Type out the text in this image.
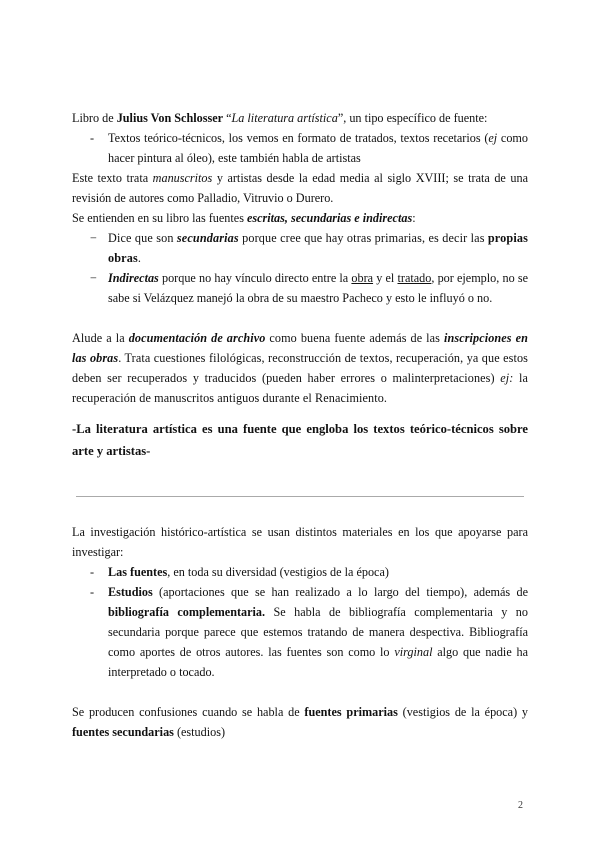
Libro de Julius Von Schlosser “La literatura artística”, un tipo específico de fuente:
- Textos teórico-técnicos, los vemos en formato de tratados, textos recetarios (ej como hacer pintura al óleo), este también habla de artistas
Este texto trata manuscritos y artistas desde la edad media al siglo XVIII; se trata de una revisión de autores como Palladio, Vitruvio o Durero.
Se entienden en su libro las fuentes escritas, secundarias e indirectas:
− Dice que son secundarias porque cree que hay otras primarias, es decir las propias obras.
− Indirectas porque no hay vínculo directo entre la obra y el tratado, por ejemplo, no se sabe si Velázquez manejó la obra de su maestro Pacheco y esto le influyó o no.
Alude a la documentación de archivo como buena fuente además de las inscripciones en las obras. Trata cuestiones filológicas, reconstrucción de textos, recuperación, ya que estos deben ser recuperados y traducidos (pueden haber errores o malinterpretaciones) ej: la recuperación de manuscritos antiguos durante el Renacimiento.
-La literatura artística es una fuente que engloba los textos teórico-técnicos sobre arte y artistas-
La investigación histórico-artística se usan distintos materiales en los que apoyarse para investigar:
- Las fuentes, en toda su diversidad (vestigios de la época)
- Estudios (aportaciones que se han realizado a lo largo del tiempo), además de bibliografía complementaria. Se habla de bibliografía complementaria y no secundaria porque parece que estemos tratando de manera despectiva. Bibliografía como aportes de otros autores. las fuentes son como lo virginal algo que nadie ha interpretado o tocado.
Se producen confusiones cuando se habla de fuentes primarias (vestigios de la época) y fuentes secundarias (estudios)
2
